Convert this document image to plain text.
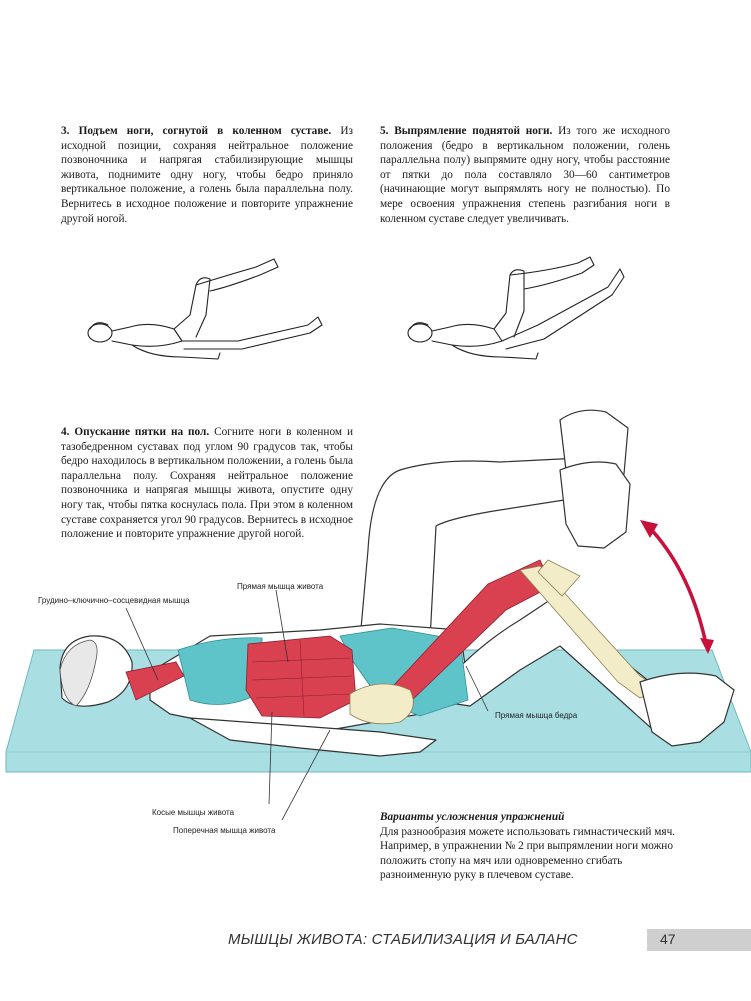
3. Подъем ноги, согнутой в коленном суставе. Из исходной позиции, сохраняя нейтральное положение позвоночника и напрягая стабилизирующие мышцы живота, поднимите одну ногу, чтобы бедро приняло вертикальное положение, а голень была параллельна полу. Вернитесь в исходное положение и повторите упражнение другой ногой.
5. Выпрямление поднятой ноги. Из того же исходного положения (бедро в вертикальном положении, голень параллельна полу) выпрямите одну ногу, чтобы расстояние от пятки до пола составляло 30—60 сантиметров (начинающие могут выпрямлять ногу не полностью). По мере освоения упражнения степень разгибания ноги в коленном суставе следует увеличивать.
4. Опускание пятки на пол. Согните ноги в коленном и тазобедренном суставах под углом 90 градусов так, чтобы бедро находилось в вертикальном положении, а голень была параллельна полу. Сохраняя нейтральное положение позвоночника и напрягая мышцы живота, опустите одну ногу так, чтобы пятка коснулась пола. При этом в коленном суставе сохраняется угол 90 градусов. Вернитесь в исходное положение и повторите упражнение другой ногой.
Грудино–ключично–сосцевидная мышца
Прямая мышца живота
Прямая мышца бедра
Косые мышцы живота
Поперечная мышца живота
Варианты усложнения упражнений
Для разнообразия можете использовать гимнастический мяч. Например, в упражнении № 2 при выпрямлении ноги можно положить стопу на мяч или одновременно сгибать разноименную руку в плечевом суставе.
МЫШЦЫ ЖИВОТА: СТАБИЛИЗАЦИЯ И БАЛАНС	47
